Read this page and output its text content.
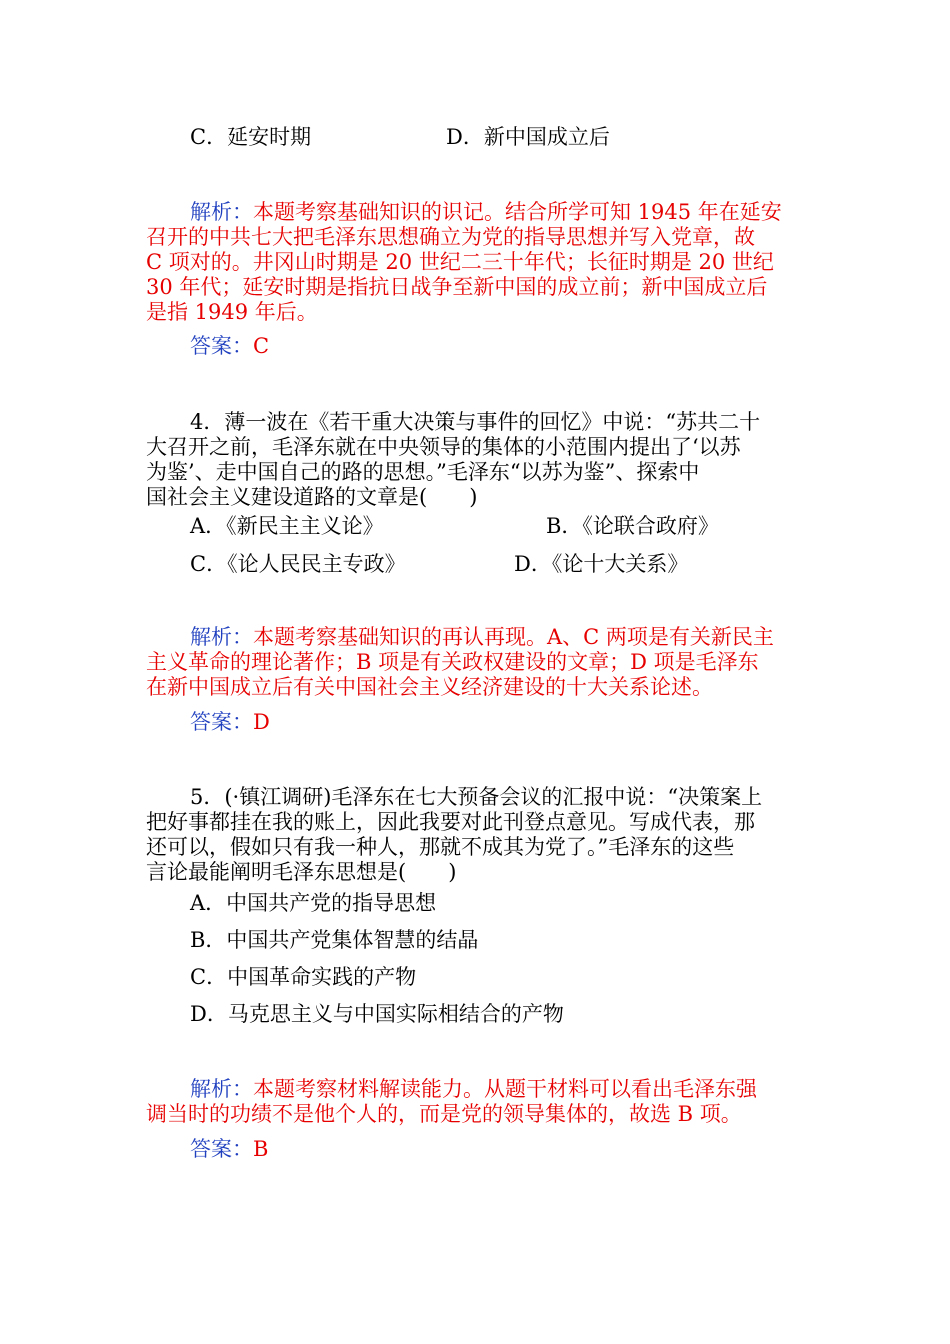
C．延安时期	D．新中国成立后
解析：本题考察基础知识的识记。结合所学可知 1945 年在延安
召开的中共七大把毛泽东思想确立为党的指导思想并写入党章，故
C 项对的。井冈山时期是 20 世纪二三十年代；长征时期是 20 世纪
30 年代；延安时期是指抗日战争至新中国的成立前；新中国成立后
是指 1949 年后。
答案：C
4．薄一波在《若干重大决策与事件的回忆》中说：“苏共二十
大召开之前，毛泽东就在中央领导的集体的小范围内提出了‘以苏
为鉴’、走中国自己的路的思想。”毛泽东“以苏为鉴”、探索中
国社会主义建设道路的文章是(　　)
A．《新民主主义论》	B．《论联合政府》
C．《论人民民主专政》	D．《论十大关系》
解析：本题考察基础知识的再认再现。A、C 两项是有关新民主
主义革命的理论著作；B 项是有关政权建设的文章；D 项是毛泽东
在新中国成立后有关中国社会主义经济建设的十大关系论述。
答案：D
5．(·镇江调研)毛泽东在七大预备会议的汇报中说：“决策案上
把好事都挂在我的账上，因此我要对此刊登点意见。写成代表，那
还可以，假如只有我一种人，那就不成其为党了。”毛泽东的这些
言论最能阐明毛泽东思想是(　　)
A．中国共产党的指导思想
B．中国共产党集体智慧的结晶
C．中国革命实践的产物
D．马克思主义与中国实际相结合的产物
解析：本题考察材料解读能力。从题干材料可以看出毛泽东强
调当时的功绩不是他个人的，而是党的领导集体的，故选 B 项。
答案：B
